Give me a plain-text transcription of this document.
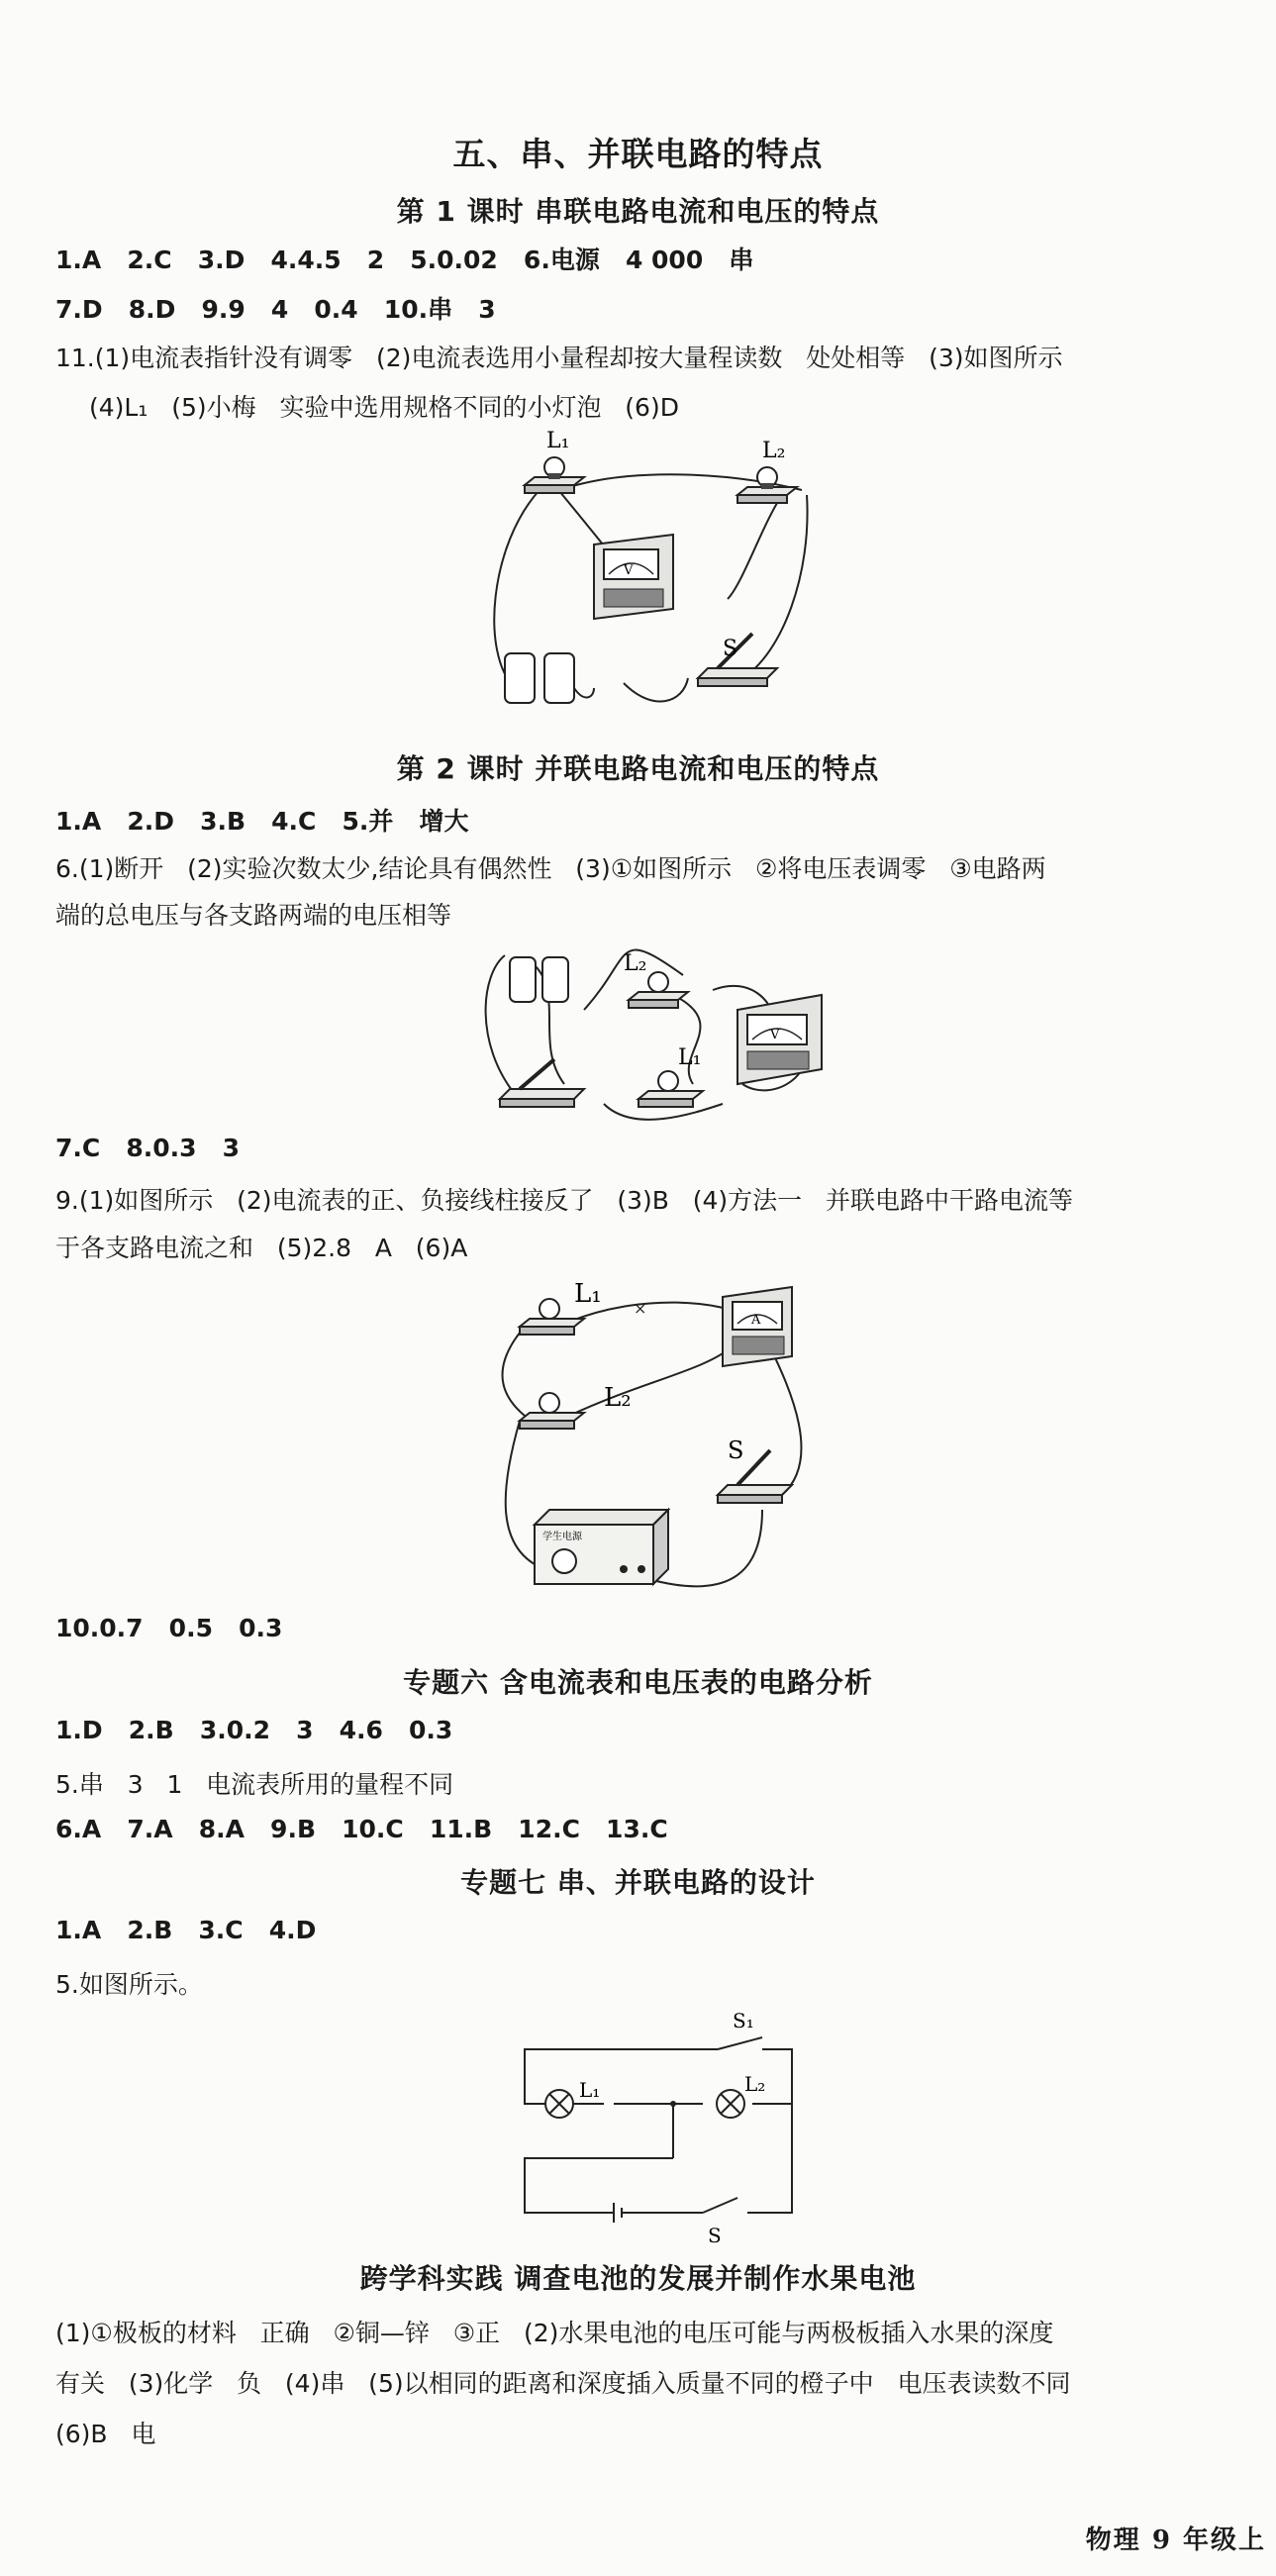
五、串、并联电路的特点
第 1 课时 串联电路电流和电压的特点
1.A   2.C   3.D   4.4.5   2   5.0.02   6.电源   4 000   串
7.D   8.D   9.9   4   0.4   10.串   3
11.(1)电流表指针没有调零   (2)电流表选用小量程却按大量程读数   处处相等   (3)如图所示
(4)L₁   (5)小梅   实验中选用规格不同的小灯泡   (6)D
L₁	L₂
V
S
第 2 课时 并联电路电流和电压的特点
1.A   2.D   3.B   4.C   5.并   增大
6.(1)断开   (2)实验次数太少,结论具有偶然性   (3)①如图所示   ②将电压表调零   ③电路两
端的总电压与各支路两端的电压相等
L₂
L₁
V
7.C   8.0.3   3
9.(1)如图所示   (2)电流表的正、负接线柱接反了   (3)B   (4)方法一   并联电路中干路电流等
于各支路电流之和   (5)2.8   A   (6)A
×
L₁
L₂
A
S
学生电源
10.0.7   0.5   0.3
专题六 含电流表和电压表的电路分析
1.D   2.B   3.0.2   3   4.6   0.3
5.串   3   1   电流表所用的量程不同
6.A   7.A   8.A   9.B   10.C   11.B   12.C   13.C
专题七 串、并联电路的设计
1.A   2.B   3.C   4.D
5.如图所示。
L₁	L₂
S₁
S
跨学科实践 调查电池的发展并制作水果电池
(1)①极板的材料   正确   ②铜—锌   ③正   (2)水果电池的电压可能与两极板插入水果的深度
有关   (3)化学   负   (4)串   (5)以相同的距离和深度插入质量不同的橙子中   电压表读数不同
(6)B   电
物理 9 年级上
